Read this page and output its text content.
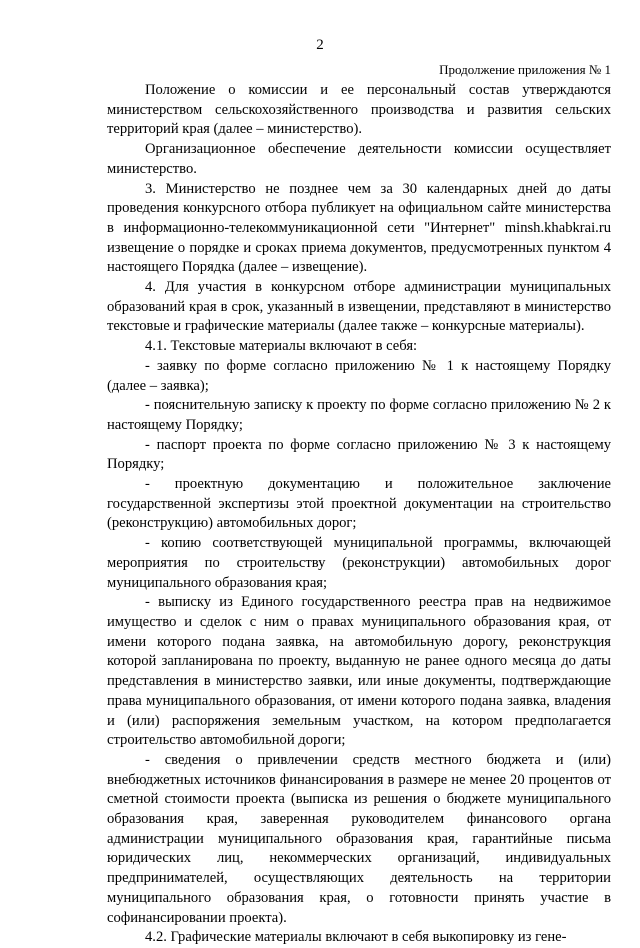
2
Продолжение приложения № 1

Положение о комиссии и ее персональный состав утверждаются министерством сельскохозяйственного производства и развития сельских территорий края (далее – министерство).

Организационное обеспечение деятельности комиссии осуществляет министерство.

3. Министерство не позднее чем за 30 календарных дней до даты проведения конкурсного отбора публикует на официальном сайте министерства в информационно-телекоммуникационной сети "Интернет" minsh.khabkrai.ru извещение о порядке и сроках приема документов, предусмотренных пунктом 4 настоящего Порядка (далее – извещение).

4. Для участия в конкурсном отборе администрации муниципальных образований края в срок, указанный в извещении, представляют в министерство текстовые и графические материалы (далее также – конкурсные материалы).

4.1. Текстовые материалы включают в себя:

- заявку по форме согласно приложению № 1 к настоящему Порядку (далее – заявка);

- пояснительную записку к проекту по форме согласно приложению № 2 к настоящему Порядку;

- паспорт проекта по форме согласно приложению № 3 к настоящему Порядку;

- проектную документацию и положительное заключение государственной экспертизы этой проектной документации на строительство (реконструкцию) автомобильных дорог;

- копию соответствующей муниципальной программы, включающей мероприятия по строительству (реконструкции) автомобильных дорог муниципального образования края;

- выписку из Единого государственного реестра прав на недвижимое имущество и сделок с ним о правах муниципального образования края, от имени которого подана заявка, на автомобильную дорогу, реконструкция которой запланирована по проекту, выданную не ранее одного месяца до даты представления в министерство заявки, или иные документы, подтверждающие права муниципального образования, от имени которого подана заявка, владения и (или) распоряжения земельным участком, на котором предполагается строительство автомобильной дороги;

- сведения о привлечении средств местного бюджета и (или) внебюджетных источников финансирования в размере не менее 20 процентов от сметной стоимости проекта (выписка из решения о бюджете муниципального образования края, заверенная руководителем финансового органа администрации муниципального образования края, гарантийные письма юридических лиц, некоммерческих организаций, индивидуальных предпринимателей, осуществляющих деятельность на территории муниципального образования края, о готовности принять участие в софинансировании проекта).

4.2. Графические материалы включают в себя выкопировку из гене-
